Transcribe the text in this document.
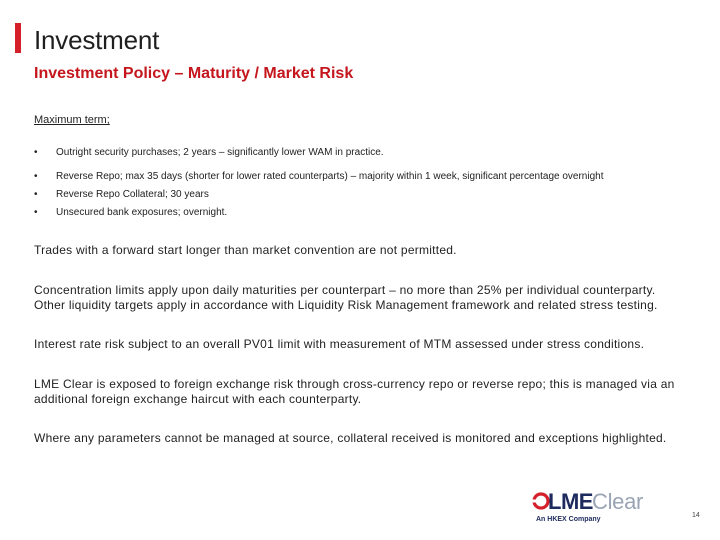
Investment
Investment Policy – Maturity / Market Risk
Maximum term;
• Outright security purchases; 2 years – significantly lower WAM in practice.
• Reverse Repo; max 35 days (shorter for lower rated counterparts) – majority within 1 week, significant percentage overnight
• Reverse Repo Collateral; 30 years
• Unsecured bank exposures; overnight.

Trades with a forward start longer than market convention are not permitted.

Concentration limits apply upon daily maturities per counterpart – no more than 25% per individual counterparty. Other liquidity targets apply in accordance with Liquidity Risk Management framework and related stress testing.

Interest rate risk subject to an overall PV01 limit with measurement of MTM assessed under stress conditions.

LME Clear is exposed to foreign exchange risk through cross-currency repo or reverse repo; this is managed via an additional foreign exchange haircut with each counterparty.

Where any parameters cannot be managed at source, collateral received is monitored and exceptions highlighted.

LME Clear
An HKEX Company
14
